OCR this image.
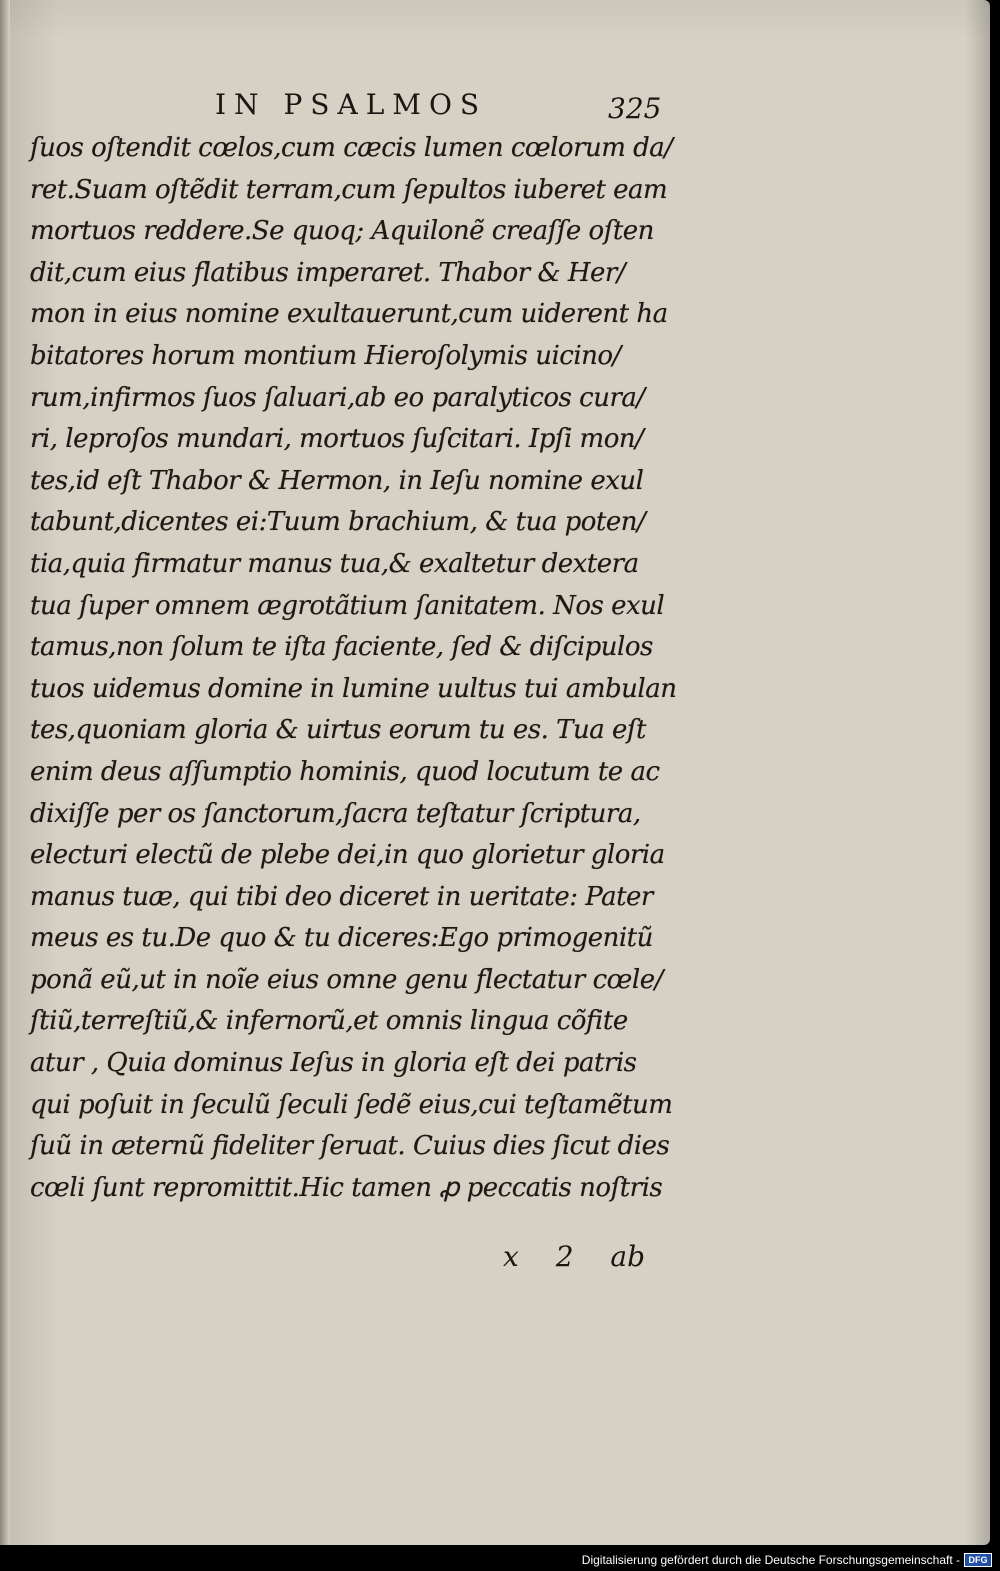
IN PSALMOS	325
ſuos oſtendit cœlos,cum cæcis lumen cœlorum da/
ret.Suam oſtẽdit terram,cum ſepultos iuberet eam
mortuos reddere.Se quoq; Aquilonẽ creaſſe oſten
dit,cum eius flatibus imperaret. Thabor & Her/
mon in eius nomine exultauerunt,cum uiderent ha
bitatores horum montium Hieroſolymis uicino/
rum,infirmos ſuos ſaluari,ab eo paralyticos cura/
ri, leproſos mundari, mortuos ſuſcitari. Ipſi mon/
tes,id eſt Thabor & Hermon, in Ieſu nomine exul
tabunt,dicentes ei:Tuum brachium, & tua poten/
tia,quia firmatur manus tua,& exaltetur dextera
tua ſuper omnem ægrotãtium ſanitatem. Nos exul
tamus,non ſolum te iſta faciente, ſed & diſcipulos
tuos uidemus domine in lumine uultus tui ambulan
tes,quoniam gloria & uirtus eorum tu es. Tua eſt
enim deus aſſumptio hominis, quod locutum te ac
dixiſſe per os ſanctorum,ſacra teſtatur ſcriptura,
electuri electũ de plebe dei,in quo glorietur gloria
manus tuæ, qui tibi deo diceret in ueritate: Pater
meus es tu.De quo & tu diceres:Ego primogenitũ
ponã eũ,ut in noĩe eius omne genu flectatur cœle/
ſtiũ,terreſtiũ,& infernorũ,et omnis lingua cõfite
atur , Quia dominus Ieſus in gloria eſt dei patris
qui poſuit in ſeculũ ſeculi ſedẽ eius,cui teſtamẽtum
ſuũ in æternũ fideliter ſeruat. Cuius dies ſicut dies
cœli ſunt repromittit.Hic tamen ꝓ peccatis noſtris
x 2 ab
Digitalisierung gefördert durch die Deutsche Forschungsgemeinschaft - DFG
